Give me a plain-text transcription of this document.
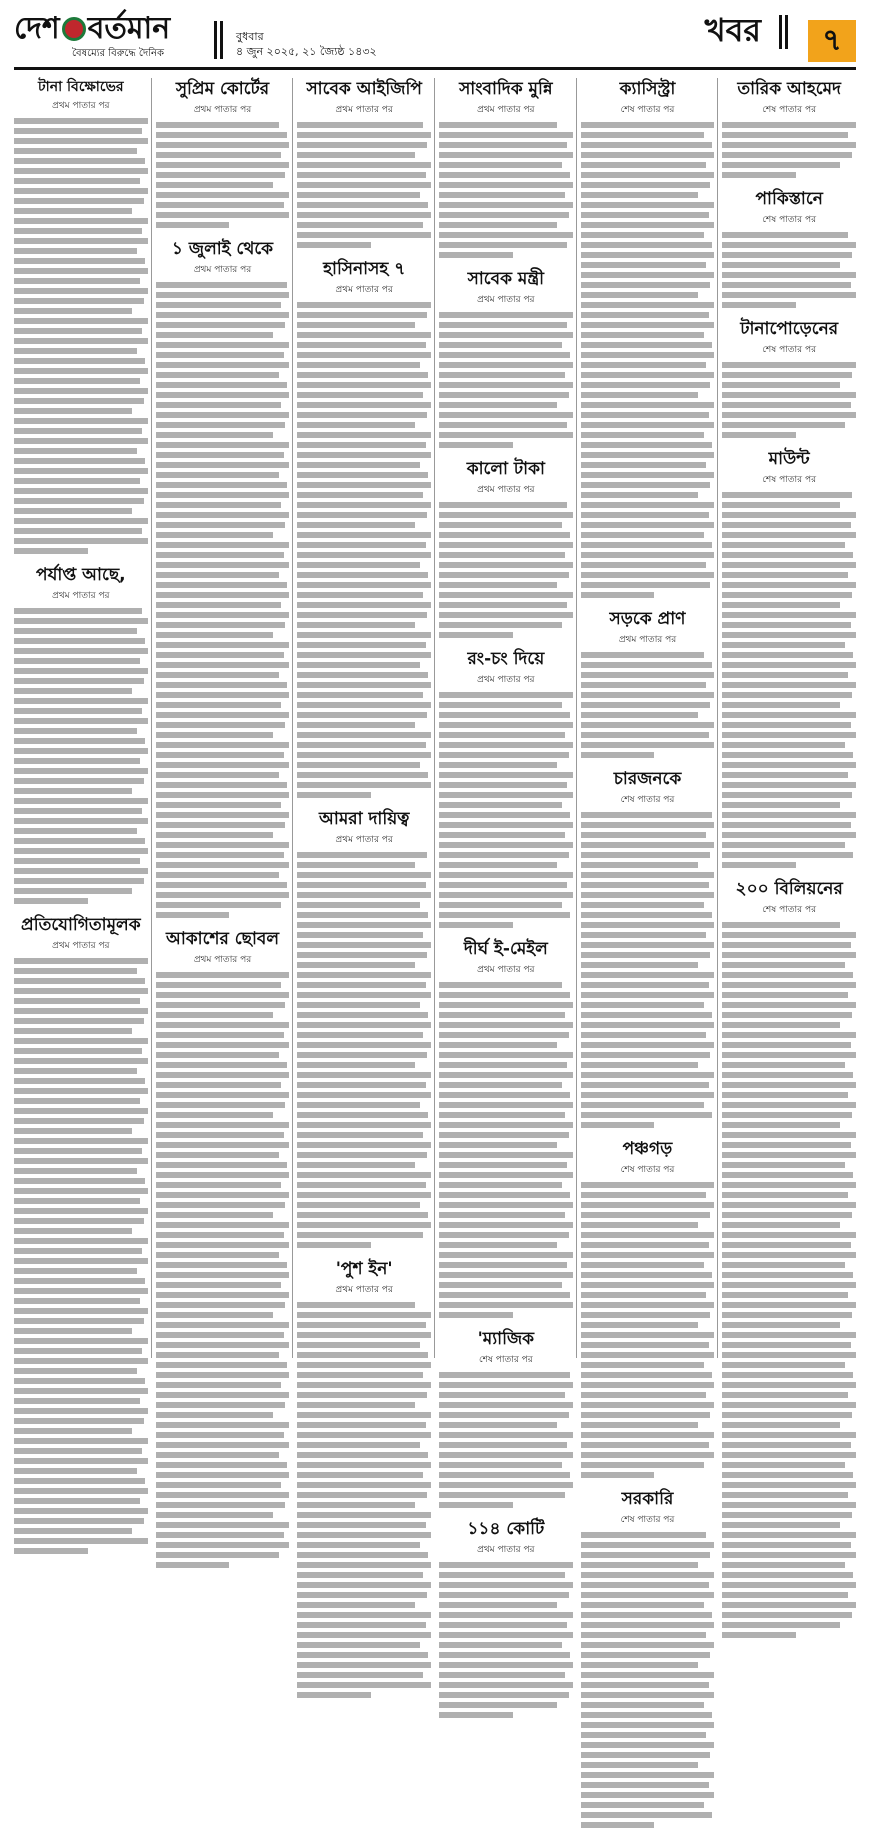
দেশ বর্তমান
বৈষম্যের বিরুদ্ধে দৈনিক
বুধবার
৪ জুন ২০২৫, ২১ জ্যৈষ্ঠ ১৪৩২
খবর	৭
টানা বিক্ষোভের
প্রথম পাতার পর
পর্যাপ্ত আছে,
প্রথম পাতার পর
প্রতিযোগিতামূলক
প্রথম পাতার পর
সুপ্রিম কোর্টের
প্রথম পাতার পর
১ জুলাই থেকে
প্রথম পাতার পর
আকাশের ছোবল
প্রথম পাতার পর
সাবেক আইজিপি
প্রথম পাতার পর
হাসিনাসহ ৭
প্রথম পাতার পর
আমরা দায়িত্ব
প্রথম পাতার পর
'পুশ ইন'
প্রথম পাতার পর
সাংবাদিক মুন্নি
প্রথম পাতার পর
সাবেক মন্ত্রী
প্রথম পাতার পর
কালো টাকা
প্রথম পাতার পর
রং-চং দিয়ে
প্রথম পাতার পর
দীর্ঘ ই-মেইল
প্রথম পাতার পর
'ম্যাজিক
শেষ পাতার পর
১১৪ কোটি
প্রথম পাতার পর
ক্যাসিস্ট্রা
শেষ পাতার পর
সড়কে প্রাণ
প্রথম পাতার পর
চারজনকে
শেষ পাতার পর
পঞ্চগড়
শেষ পাতার পর
সরকারি
শেষ পাতার পর
তারিক আহমেদ
শেষ পাতার পর
পাকিস্তানে
শেষ পাতার পর
টানাপোড়েনের
শেষ পাতার পর
মাউন্ট
শেষ পাতার পর
২০০ বিলিয়নের
শেষ পাতার পর
